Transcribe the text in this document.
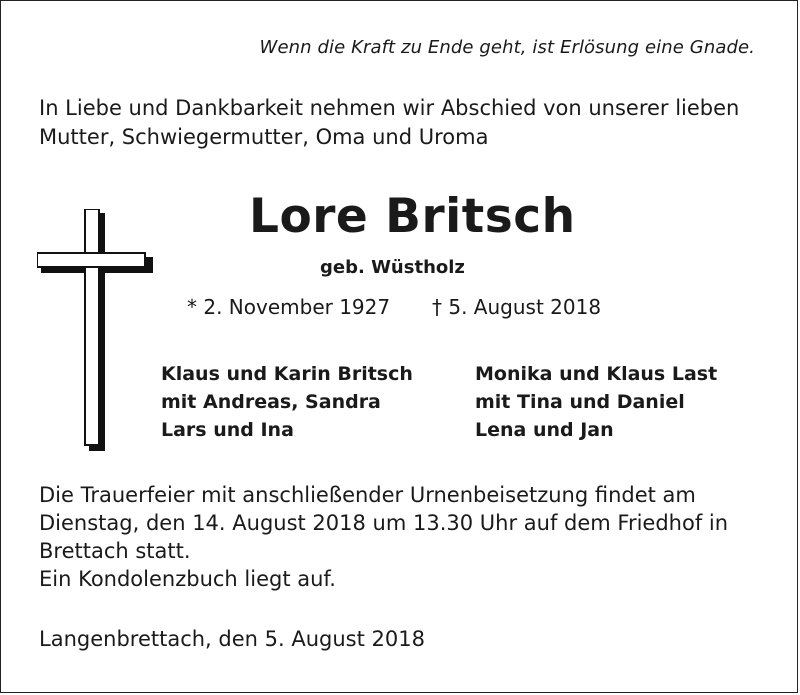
Wenn die Kraft zu Ende geht, ist Erlösung eine Gnade.
In Liebe und Dankbarkeit nehmen wir Abschied von unserer lieben
Mutter, Schwiegermutter, Oma und Uroma
Lore Britsch
geb. Wüstholz
* 2. November 1927 † 5. August 2018
Klaus und Karin Britsch
mit Andreas, Sandra
Lars und Ina
Monika und Klaus Last
mit Tina und Daniel
Lena und Jan
Die Trauerfeier mit anschließender Urnenbeisetzung findet am
Dienstag, den 14. August 2018 um 13.30 Uhr auf dem Friedhof in
Brettach statt.
Ein Kondolenzbuch liegt auf.
Langenbrettach, den 5. August 2018
